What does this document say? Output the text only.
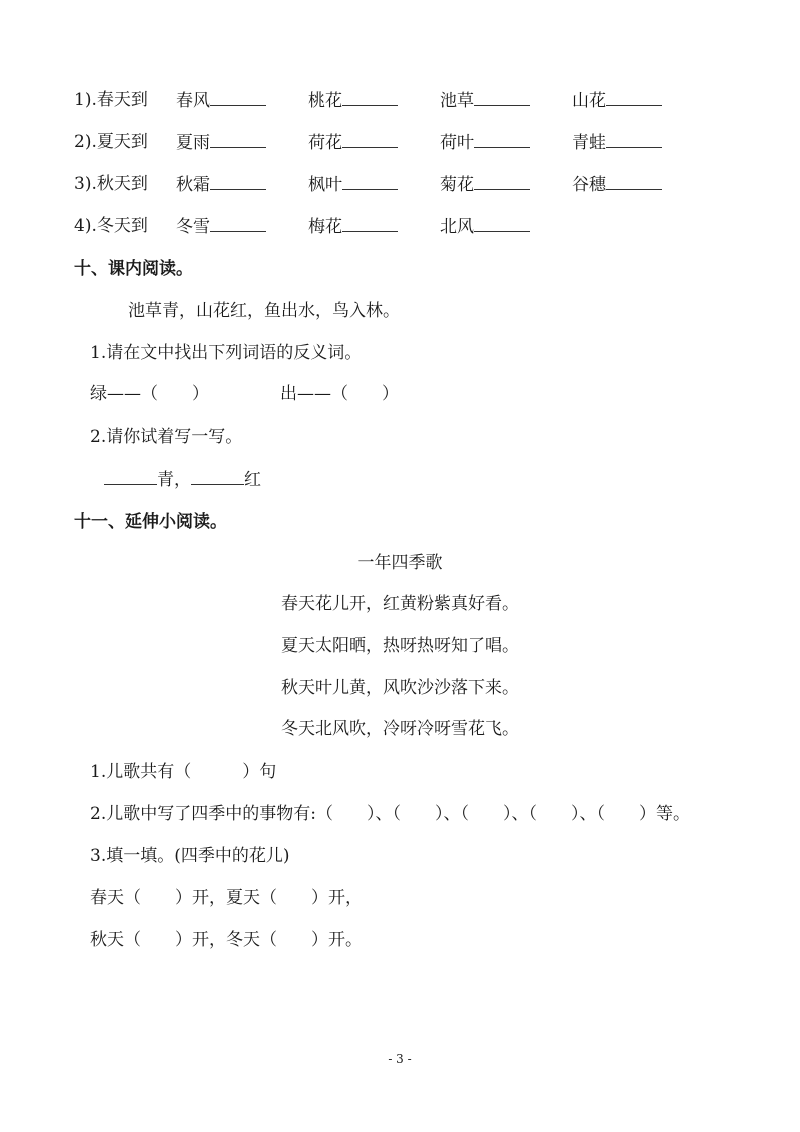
1).春天到 春风	桃花	池草	山花
2).夏天到 夏雨	荷花	荷叶	青蛙
3).秋天到 秋霜	枫叶	菊花	谷穗
4).冬天到 冬雪	梅花	北风
十、课内阅读。
池草青，山花红，鱼出水，鸟入林。
1.请在文中找出下列词语的反义词。
绿——（　　）	出——（　　）
2.请你试着写一写。
青，	红
十一、延伸小阅读。
一年四季歌
春天花儿开，红黄粉紫真好看。
夏天太阳晒，热呀热呀知了唱。
秋天叶儿黄，风吹沙沙落下来。
冬天北风吹，冷呀冷呀雪花飞。
1.儿歌共有（　　　）句
2.儿歌中写了四季中的事物有:（　　）、（　　）、（　　）、（　　）、（　　）等。
3.填一填。(四季中的花儿)
春天（　　）开，夏天（　　）开，
秋天（　　）开，冬天（　　）开。
- 3 -
